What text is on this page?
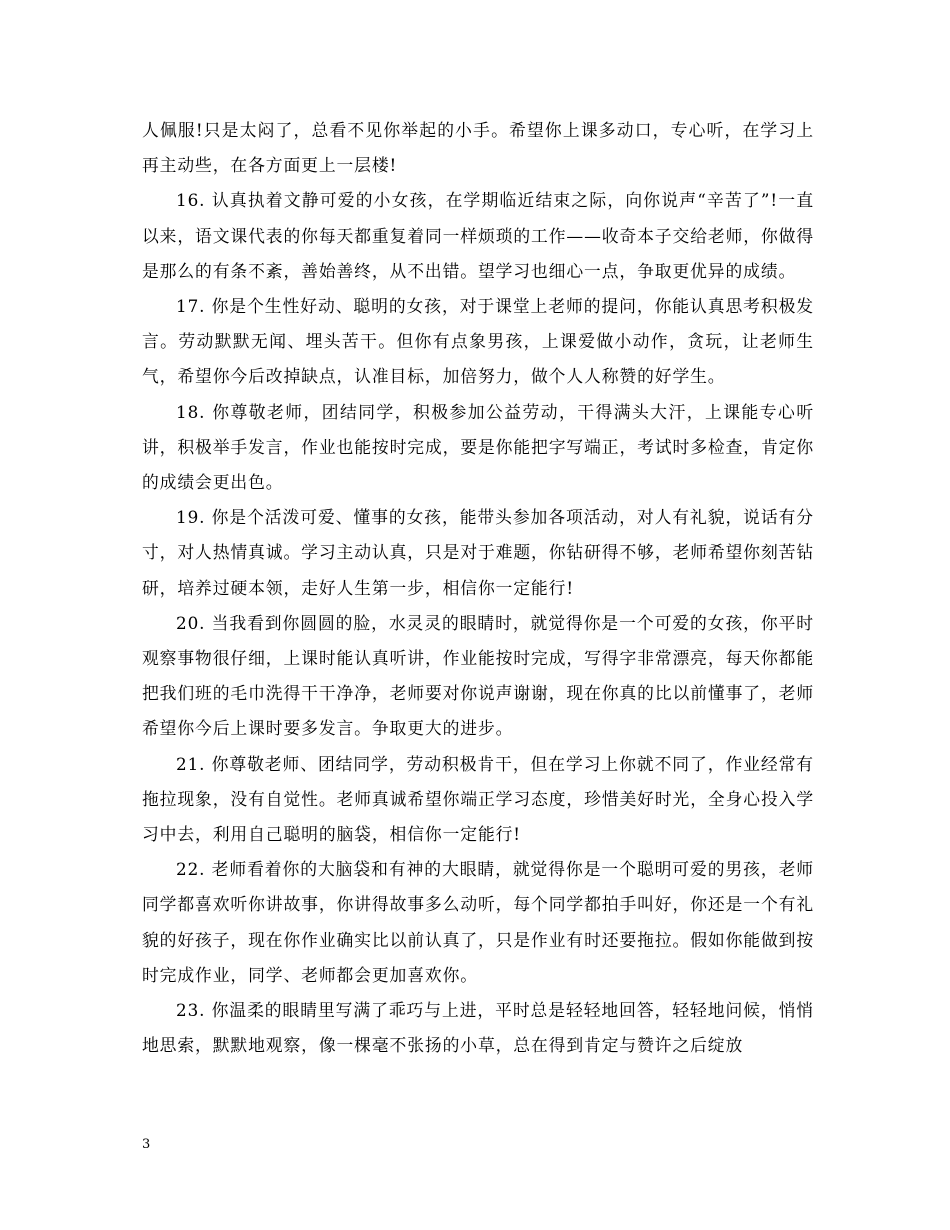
人佩服!只是太闷了，总看不见你举起的小手。希望你上课多动口，专心听，在学习上再主动些，在各方面更上一层楼!

16. 认真执着文静可爱的小女孩，在学期临近结束之际，向你说声“辛苦了”!一直以来，语文课代表的你每天都重复着同一样烦琐的工作——收奇本子交给老师，你做得是那么的有条不紊，善始善终，从不出错。望学习也细心一点，争取更优异的成绩。

17. 你是个生性好动、聪明的女孩，对于课堂上老师的提问，你能认真思考积极发言。劳动默默无闻、埋头苦干。但你有点象男孩，上课爱做小动作，贪玩，让老师生气，希望你今后改掉缺点，认准目标，加倍努力，做个人人称赞的好学生。

18. 你尊敬老师，团结同学，积极参加公益劳动，干得满头大汗，上课能专心听讲，积极举手发言，作业也能按时完成，要是你能把字写端正，考试时多检查，肯定你的成绩会更出色。

19. 你是个活泼可爱、懂事的女孩，能带头参加各项活动，对人有礼貌，说话有分寸，对人热情真诚。学习主动认真，只是对于难题，你钻研得不够，老师希望你刻苦钻研，培养过硬本领，走好人生第一步，相信你一定能行!

20. 当我看到你圆圆的脸，水灵灵的眼睛时，就觉得你是一个可爱的女孩，你平时观察事物很仔细，上课时能认真听讲，作业能按时完成，写得字非常漂亮，每天你都能把我们班的毛巾洗得干干净净，老师要对你说声谢谢，现在你真的比以前懂事了，老师希望你今后上课时要多发言。争取更大的进步。

21. 你尊敬老师、团结同学，劳动积极肯干，但在学习上你就不同了，作业经常有拖拉现象，没有自觉性。老师真诚希望你端正学习态度，珍惜美好时光，全身心投入学习中去，利用自己聪明的脑袋，相信你一定能行!

22. 老师看着你的大脑袋和有神的大眼睛，就觉得你是一个聪明可爱的男孩，老师同学都喜欢听你讲故事，你讲得故事多么动听，每个同学都拍手叫好，你还是一个有礼貌的好孩子，现在你作业确实比以前认真了，只是作业有时还要拖拉。假如你能做到按时完成作业，同学、老师都会更加喜欢你。

23. 你温柔的眼睛里写满了乖巧与上进，平时总是轻轻地回答，轻轻地问候，悄悄地思索，默默地观察，像一棵毫不张扬的小草，总在得到肯定与赞许之后绽放

3
